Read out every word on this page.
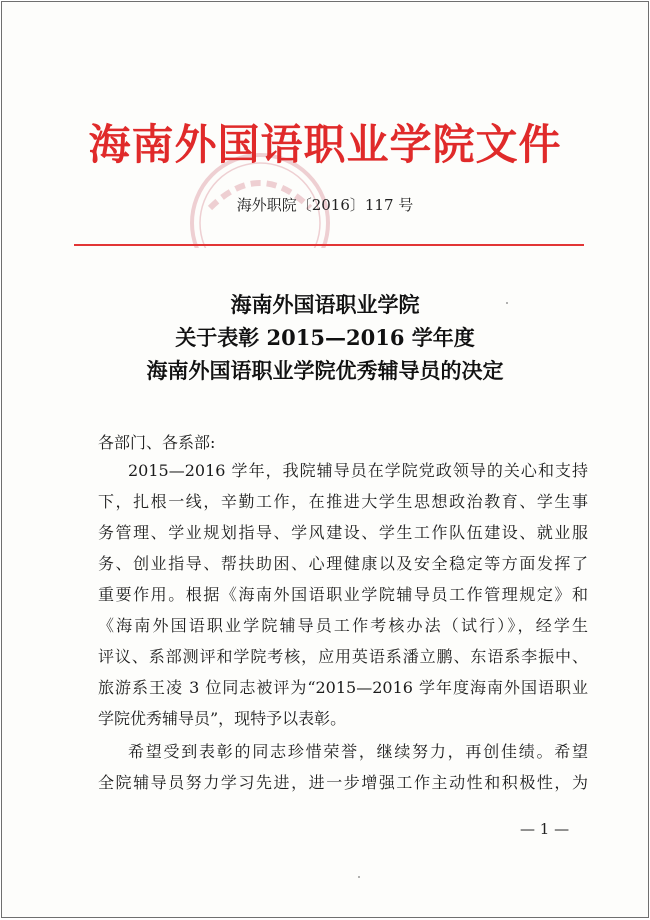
海南外国语职业学院文件
海外职院〔2016〕117 号
海南外国语职业学院
关于表彰 2015—2016 学年度
海南外国语职业学院优秀辅导员的决定
各部门、各系部:
2015—2016 学年，我院辅导员在学院党政领导的关心和支持
下，扎根一线，辛勤工作，在推进大学生思想政治教育、学生事
务管理、学业规划指导、学风建设、学生工作队伍建设、就业服
务、创业指导、帮扶助困、心理健康以及安全稳定等方面发挥了
重要作用。根据《海南外国语职业学院辅导员工作管理规定》和
《海南外国语职业学院辅导员工作考核办法（试行）》，经学生
评议、系部测评和学院考核，应用英语系潘立鹏、东语系李振中、
旅游系王凌 3 位同志被评为“2015—2016 学年度海南外国语职业
学院优秀辅导员”，现特予以表彰。
希望受到表彰的同志珍惜荣誉，继续努力，再创佳绩。希望
全院辅导员努力学习先进，进一步增强工作主动性和积极性，为
— 1 —
